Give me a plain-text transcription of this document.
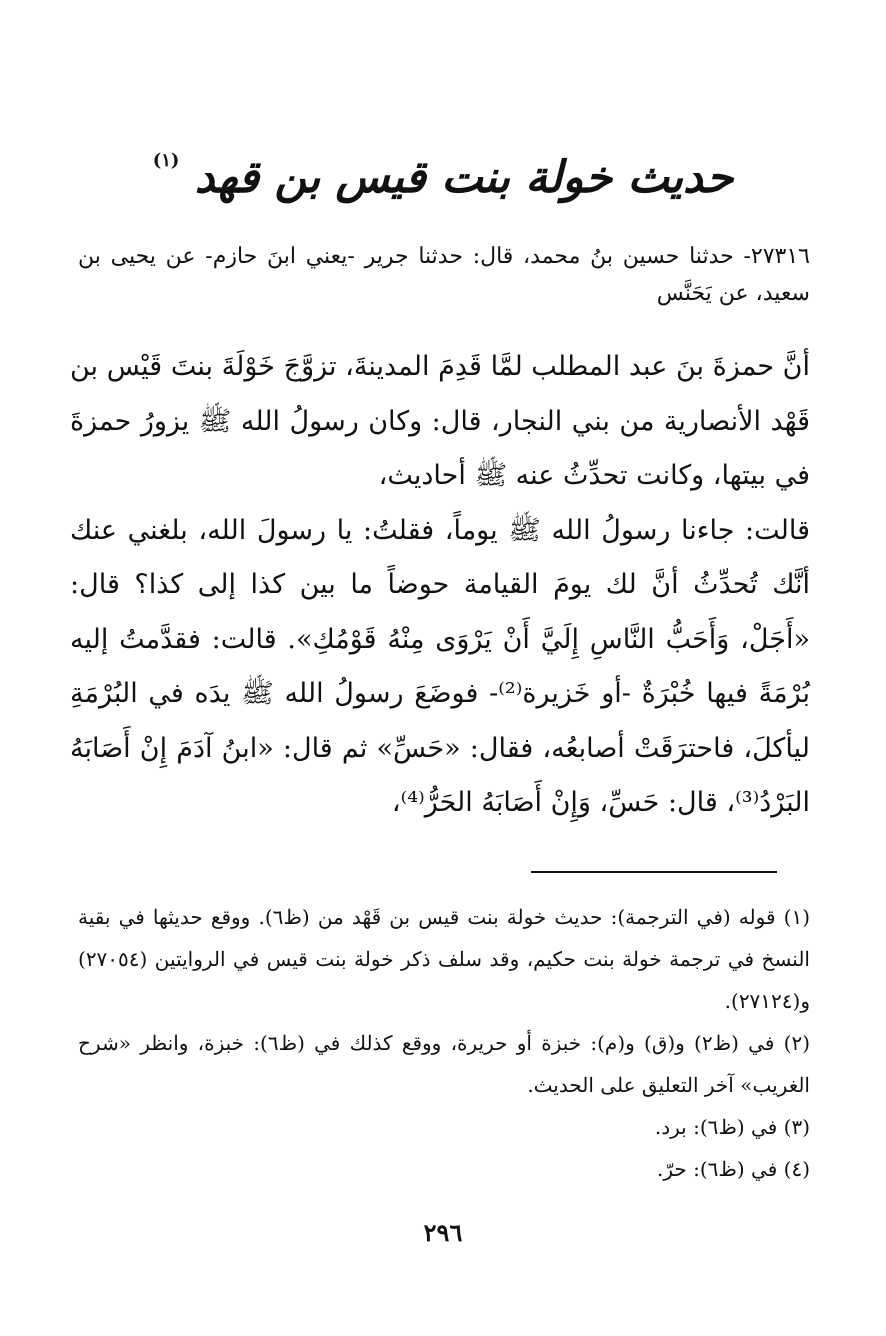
حديث خولة بنت قيس بن قهد $^{(١)}$

٢٧٣١٦- حدثنا حسين بنُ محمد، قال: حدثنا جرير -يعني ابنَ حازم- عن يحيى بن سعيد، عن يَحَنَّس

أنَّ حمزةَ بنَ عبد المطلب لمَّا قَدِمَ المدينةَ، تزوَّجَ خَوْلَةَ بنتَ قَيْس بن قَهْد الأنصارية من بني النجار، قال: وكان رسولُ الله ﷺ يزورُ حمزةَ في بيتها، وكانت تحدِّثُ عنه ﷺ أحاديث،

قالت: جاءنا رسولُ الله ﷺ يوماً، فقلتُ: يا رسولَ الله، بلغني عنك أنَّك تُحدِّثُ أنَّ لك يومَ القيامة حوضاً ما بين كذا إلى كذا؟ قال: «أَجَلْ، وَأَحَبُّ النَّاسِ إِلَيَّ أَنْ يَرْوَى مِنْهُ قَوْمُكِ». قالت: فقدَّمتُ إليه بُرْمَةً فيها خُبْرَةٌ -أو خَزيرة⁽²⁾- فوضَعَ رسولُ الله ﷺ يدَه في البُرْمَةِ ليأكلَ، فاحترَقَتْ أصابعُه، فقال: «حَسِّ» ثم قال: «ابنُ آدَمَ إِنْ أَصَابَهُ البَرْدُ⁽³⁾، قال: حَسِّ، وَإِنْ أَصَابَهُ الحَرُّ⁽⁴⁾،

(١) قوله (في الترجمة): حديث خولة بنت قيس بن قَهْد من (ظ٦). ووقع حديثها في بقية النسخ في ترجمة خولة بنت حكيم، وقد سلف ذكر خولة بنت قيس في الروايتين (٢٧٠٥٤) و(٢٧١٢٤).

(٢) في (ظ٢) و(ق) و(م): خبزة أو حريرة، ووقع كذلك في (ظ٦): خبزة، وانظر «شرح الغريب» آخر التعليق على الحديث.

(٣) في (ظ٦): برد.

(٤) في (ظ٦): حرّ.

٢٩٦
